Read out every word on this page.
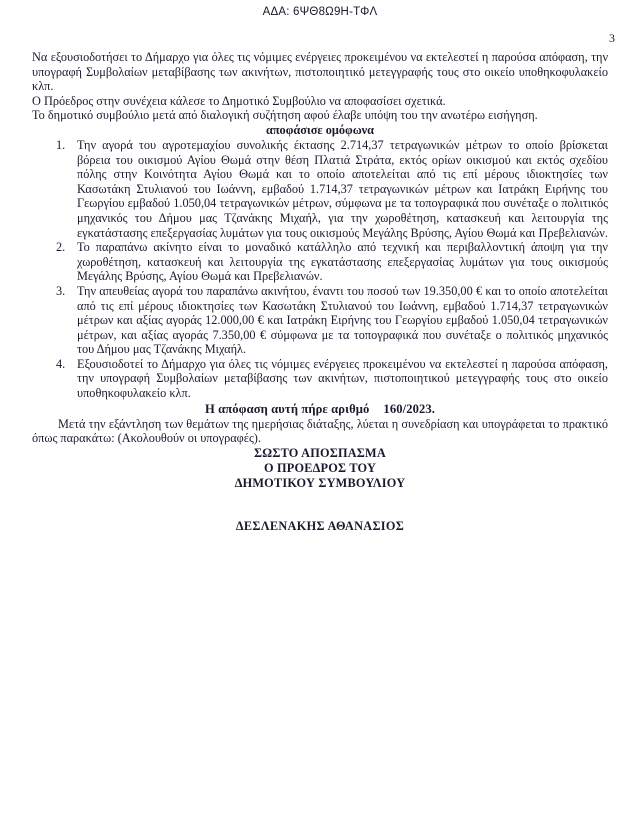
ΑΔΑ: 6ΨΘ8Ω9Η-ΤΦΛ
3

Να εξουσιοδοτήσει το Δήμαρχο για όλες τις νόμιμες ενέργειες προκειμένου να εκτελεστεί η παρούσα απόφαση, την υπογραφή Συμβολαίων μεταβίβασης των ακινήτων, πιστοποιητικό μετεγγραφής τους στο οικείο υποθηκοφυλακείο κλπ.

Ο Πρόεδρος στην συνέχεια κάλεσε το Δημοτικό Συμβούλιο να αποφασίσει σχετικά.

Το δημοτικό συμβούλιο μετά από διαλογική συζήτηση αφού έλαβε υπόψη του την ανωτέρω εισήγηση.

αποφάσισε ομόφωνα

Την αγορά του αγροτεμαχίου συνολικής έκτασης 2.714,37 τετραγωνικών μέτρων το οποίο βρίσκεται βόρεια του οικισμού Αγίου Θωμά στην θέση Πλατιά Στράτα, εκτός ορίων οικισμού και εκτός σχεδίου πόλης στην Κοινότητα Αγίου Θωμά και το οποίο αποτελείται από τις επί μέρους ιδιοκτησίες των Κασωτάκη Στυλιανού του Ιωάννη, εμβαδού 1.714,37 τετραγωνικών μέτρων και Ιατράκη Ειρήνης του Γεωργίου εμβαδού 1.050,04 τετραγωνικών μέτρων, σύμφωνα με τα τοπογραφικά που συνέταξε ο πολιτικός μηχανικός του Δήμου μας Τζανάκης Μιχαήλ, για την χωροθέτηση, κατασκευή και λειτουργία της εγκατάστασης επεξεργασίας λυμάτων για τους οικισμούς Μεγάλης Βρύσης, Αγίου Θωμά και Πρεβελιανών.
Το παραπάνω ακίνητο είναι το μοναδικό κατάλληλο από τεχνική και περιβαλλοντική άποψη για την χωροθέτηση, κατασκευή και λειτουργία της εγκατάστασης επεξεργασίας λυμάτων για τους οικισμούς Μεγάλης Βρύσης, Αγίου Θωμά και Πρεβελιανών.
Την απευθείας αγορά του παραπάνω ακινήτου, έναντι του ποσού των 19.350,00 € και το οποίο αποτελείται από τις επί μέρους ιδιοκτησίες των Κασωτάκη Στυλιανού του Ιωάννη, εμβαδού 1.714,37 τετραγωνικών μέτρων και αξίας αγοράς 12.000,00 € και Ιατράκη Ειρήνης του Γεωργίου εμβαδού 1.050,04 τετραγωνικών μέτρων, και αξίας αγοράς 7.350,00 € σύμφωνα με τα τοπογραφικά που συνέταξε ο πολιτικός μηχανικός του Δήμου μας Τζανάκης Μιχαήλ.
Εξουσιοδοτεί το Δήμαρχο για όλες τις νόμιμες ενέργειες προκειμένου να εκτελεστεί η παρούσα απόφαση, την υπογραφή Συμβολαίων μεταβίβασης των ακινήτων, πιστοποιητικού μετεγγραφής τους στο οικείο υποθηκοφυλακείο κλπ.

Η απόφαση αυτή πήρε αριθμό 160/2023.

Μετά την εξάντληση των θεμάτων της ημερήσιας διάταξης, λύεται η συνεδρίαση και υπογράφεται το πρακτικό όπως παρακάτω: (Ακολουθούν οι υπογραφές).

ΣΩΣΤΟ ΑΠΟΣΠΑΣΜΑ
Ο ΠΡΟΕΔΡΟΣ ΤΟΥ
ΔΗΜΟΤΙΚΟΥ ΣΥΜΒΟΥΛΙΟΥ
ΔΕΣΛΕΝΑΚΗΣ ΑΘΑΝΑΣΙΟΣ
